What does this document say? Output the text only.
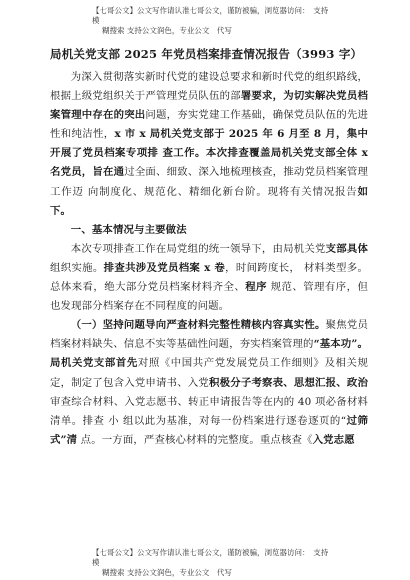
【七哥公文】公文写作请认准七哥公文，谨防被骗，浏览器访问：　支持模
糊搜索 支持公文润色，专业公文　代写
局机关党支部 2025 年党员档案排查情况报告（3993 字）

为深入贯彻落实新时代党的建设总要求和新时代党的组织路线，根据上级党组织关于严管理党员队伍的部署要求，为切实解决党员档案管理中存在的突出问题，夯实党建工作基础，确保党员队伍的先进性和纯洁性，x 市 x 局机关党支部于 2025 年 6 月至 8 月，集中开展了党员档案专项排 查工作。本次排查覆盖局机关党支部全体 x 名党员，旨在通过全面、细致、深入地梳理核查，推动党员档案管理工作迈 向制度化、规范化、精细化新台阶。现将有关情况报告如下。

一、基本情况与主要做法

本次专项排查工作在局党组的统一领导下，由局机关党支部具体组织实施。排查共涉及党员档案 x 卷，时间跨度长， 材料类型多。总体来看，绝大部分党员档案材料齐全、程序 规范、管理有序，但也发现部分档案存在不同程度的问题。

（一）坚持问题导向严查材料完整性精核内容真实性。聚焦党员档案材料缺失、信息不实等基础性问题，夯实档案管理的“基本功”。局机关党支部首先对照《中国共产党发展党员工作细则》及相关规定，制定了包含入党申请书、入党积极分子考察表、思想汇报、政治审查综合材料、入党志愿书、转正申请报告等在内的 40 项必备材料清单。排查 小 组以此为基准，对每一份档案进行逐卷逐页的“过筛式”清 点。一方面，严查核心材料的完整度。重点核查《入党志愿

【七哥公文】公文写作请认准七哥公文，谨防被骗，浏览器访问：　支持模
糊搜索 支持公文润色，专业公文　代写
